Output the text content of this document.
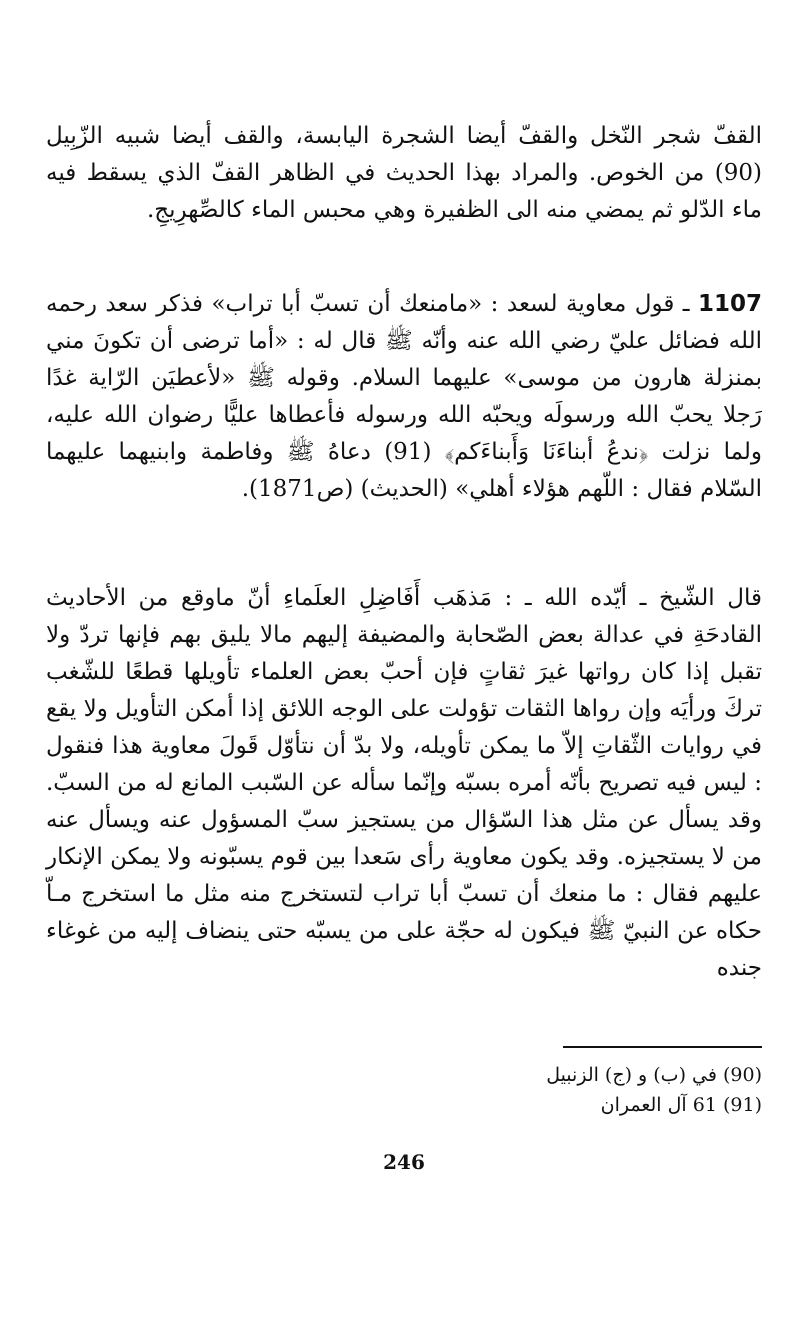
القفّ شجر النّخل والقفّ أيضا الشجرة اليابسة، والقف أيضا شبيه الزّبِيل (90) من الخوص. والمراد بهذا الحديث في الظاهر القفّ الذي يسقط فيه ماء الدّلو ثم يمضي منه الى الظفيرة وهي محبس الماء كالصِّهرِيجِ.

1107 ـ قول معاوية لسعد : «مامنعك أن تسبّ أبا تراب» فذكر سعد رحمه الله فضائل عليّ رضي الله عنه وأنّه ﷺ قال له : «أما ترضى أن تكونَ مني بمنزلة هارون من موسى» عليهما السلام. وقوله ﷺ «لأعطيَن الرّاية غدًا رَجلا يحبّ الله ورسولَه ويحبّه الله ورسوله فأعطاها عليًّا رضوان الله عليه، ولما نزلت ﴿ندعُ أبناءَنَا وَأَبناءَكم﴾ (91) دعاهُ ﷺ وفاطمة وابنيهما عليهما السّلام فقال : اللّهم هؤلاء أهلي» (الحديث) (ص1871).

قال الشّيخ ـ أيّده الله ـ : مَذهَب أَفَاضِلِ العلَماءِ أنّ ماوقع من الأحاديث القادحَةِ في عدالة بعض الصّحابة والمضيفة إليهم مالا يليق بهم فإنها تردّ ولا تقبل إذا كان رواتها غيرَ ثقاتٍ فإن أحبّ بعض العلماء تأويلها قطعًا للشّغب تركَ ورأيَه وإن رواها الثقات تؤولت على الوجه اللائق إذا أمكن التأويل ولا يقع في روايات الثّقاتِ إلاّ ما يمكن تأويله، ولا بدّ أن نتأوّل قَولَ معاوية هذا فنقول : ليس فيه تصريح بأنّه أمره بسبّه وإنّما سأله عن السّبب المانع له من السبّ. وقد يسأل عن مثل هذا السّؤال من يستجيز سبّ المسؤول عنه ويسأل عنه من لا يستجيزه. وقد يكون معاوية رأى سَعدا بين قوم يسبّونه ولا يمكن الإنكار عليهم فقال : ما منعك أن تسبّ أبا تراب لتستخرج منه مثل ما استخرج مـاّ حكاه عن النبيّ ﷺ فيكون له حجّة على من يسبّه حتى ينضاف إليه من غوغاء جنده

(90) في (ب) و (ج) الزنبيل
(91) 61 آل العمران
246
